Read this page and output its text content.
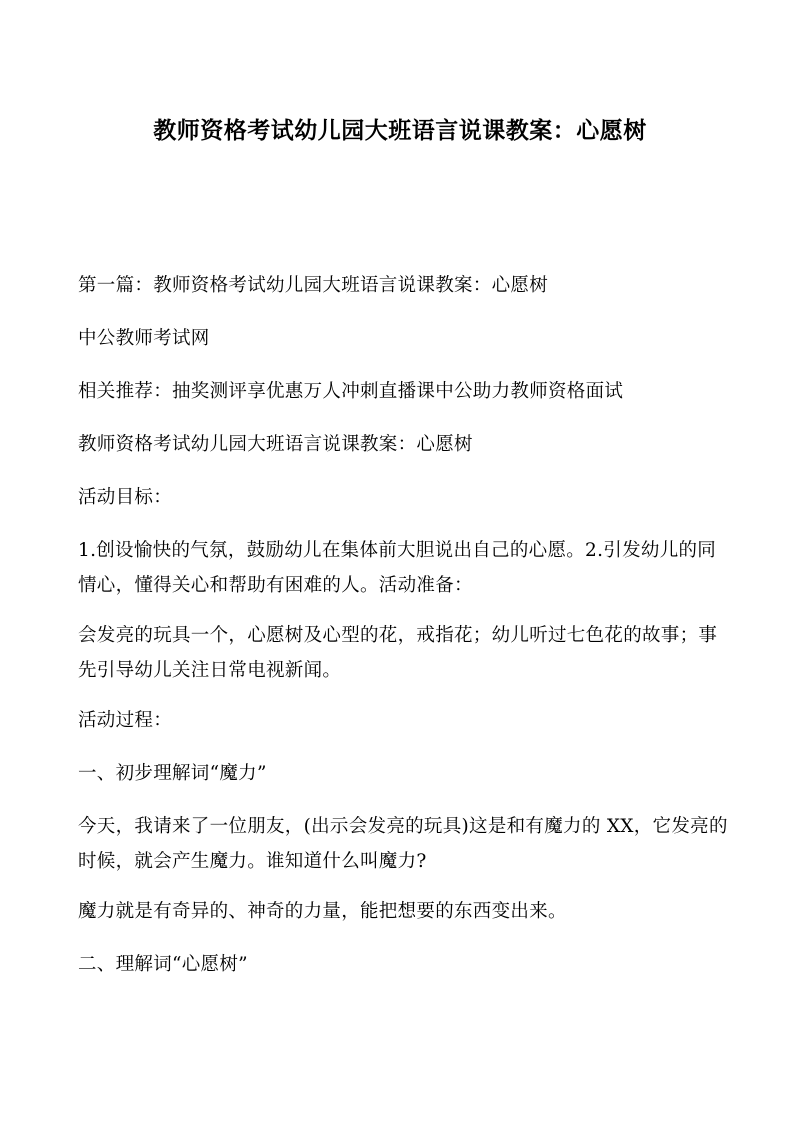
教师资格考试幼儿园大班语言说课教案：心愿树

第一篇：教师资格考试幼儿园大班语言说课教案：心愿树

中公教师考试网

相关推荐：抽奖测评享优惠万人冲刺直播课中公助力教师资格面试

教师资格考试幼儿园大班语言说课教案：心愿树

活动目标：

1.创设愉快的气氛，鼓励幼儿在集体前大胆说出自己的心愿。2.引发幼儿的同情心，懂得关心和帮助有困难的人。活动准备：

会发亮的玩具一个，心愿树及心型的花，戒指花；幼儿听过七色花的故事；事先引导幼儿关注日常电视新闻。

活动过程：

一、初步理解词“魔力”

今天，我请来了一位朋友，(出示会发亮的玩具)这是和有魔力的 XX，它发亮的时候，就会产生魔力。谁知道什么叫魔力?

魔力就是有奇异的、神奇的力量，能把想要的东西变出来。

二、理解词“心愿树”
